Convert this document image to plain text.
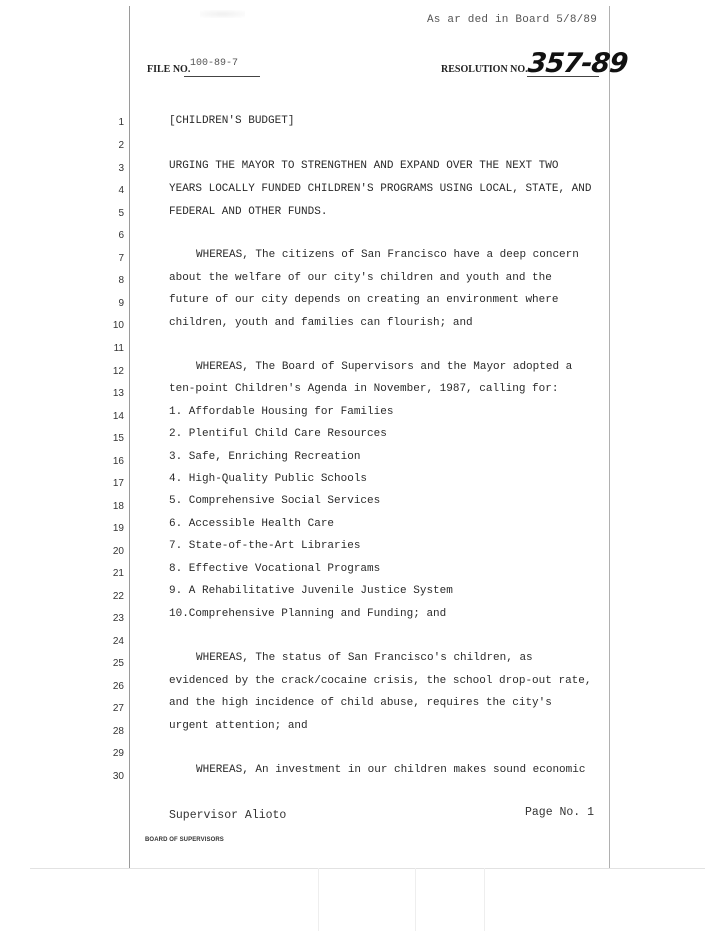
As ar ded in Board 5/8/89
FILE NO.
100-89-7
RESOLUTION NO.
357-89
1
2
3
4
5
6
7
8
9
10
11
12
13
14
15
16
17
18
19
20
21
22
23
24
25
26
27
28
29
30
[CHILDREN'S BUDGET]
URGING THE MAYOR TO STRENGTHEN AND EXPAND OVER THE NEXT TWO
YEARS LOCALLY FUNDED CHILDREN'S PROGRAMS USING LOCAL, STATE, AND
FEDERAL AND OTHER FUNDS.
WHEREAS, The citizens of San Francisco have a deep concern
about the welfare of our city's children and youth and the
future of our city depends on creating an environment where
children, youth and families can flourish; and
WHEREAS, The Board of Supervisors and the Mayor adopted a
ten-point Children's Agenda in November, 1987, calling for:
1. Affordable Housing for Families
2. Plentiful Child Care Resources
3. Safe, Enriching Recreation
4. High-Quality Public Schools
5. Comprehensive Social Services
6. Accessible Health Care
7. State-of-the-Art Libraries
8. Effective Vocational Programs
9. A Rehabilitative Juvenile Justice System
10.Comprehensive Planning and Funding; and
WHEREAS, The status of San Francisco's children, as
evidenced by the crack/cocaine crisis, the school drop-out rate,
and the high incidence of child abuse, requires the city's
urgent attention; and
WHEREAS, An investment in our children makes sound economic
Supervisor Alioto	Page No. 1
BOARD OF SUPERVISORS
